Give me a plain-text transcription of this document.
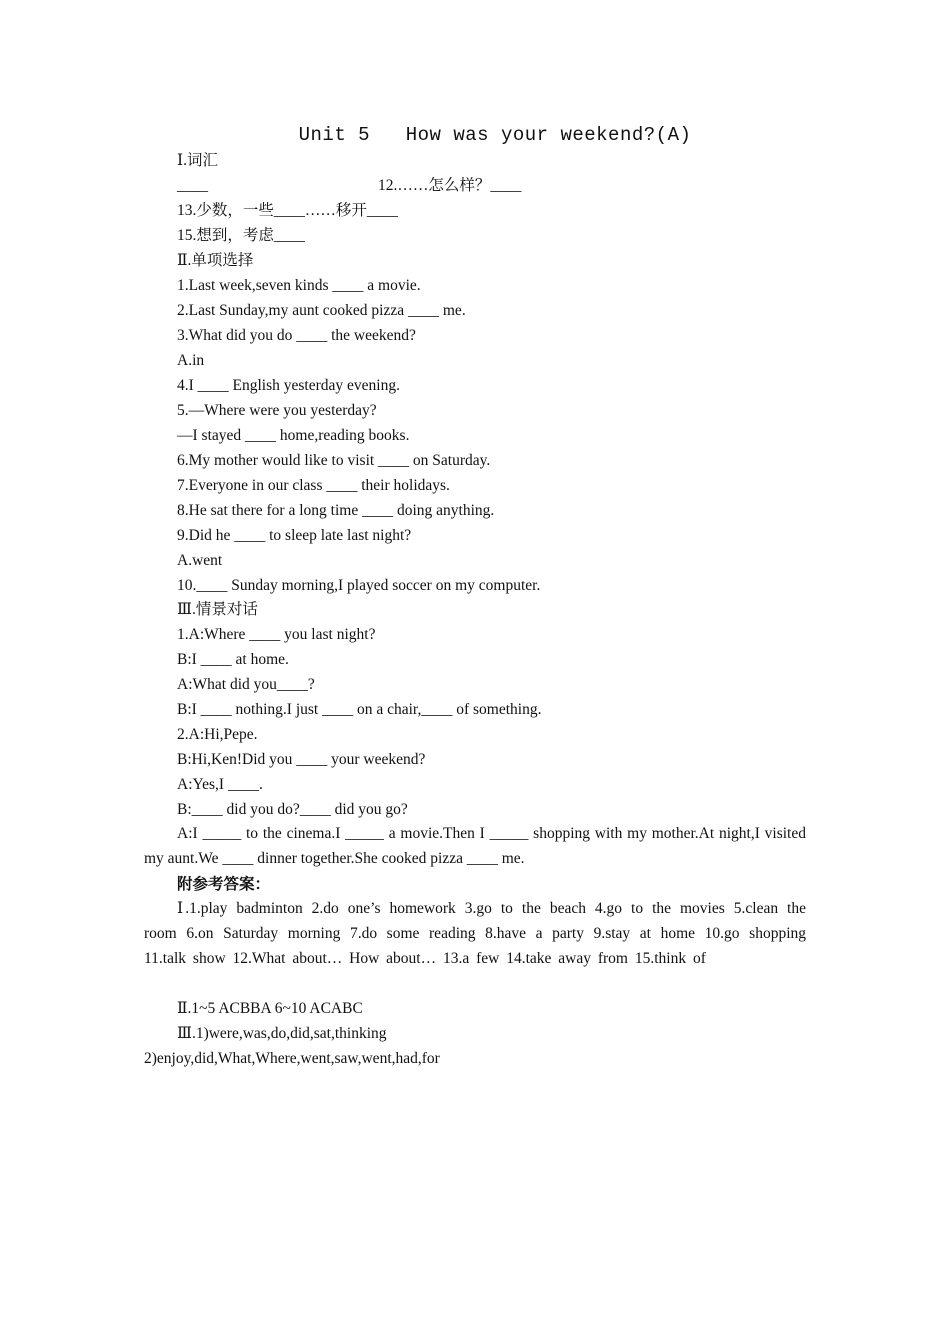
Unit 5   How was your weekend?(A)
Ⅰ.词汇
____	12.……怎么样？____
13.少数，一些____……移开____
15.想到，考虑____
Ⅱ.单项选择
1.Last week,seven kinds ____ a movie.
2.Last Sunday,my aunt cooked pizza ____ me.
3.What did you do ____ the weekend?
A.in
4.I ____ English yesterday evening.
5.—Where were you yesterday?
—I stayed ____ home,reading books.
6.My mother would like to visit ____ on Saturday.
7.Everyone in our class ____ their holidays.
8.He sat there for a long time ____ doing anything.
9.Did he ____ to sleep late last night?
A.went
10.____ Sunday morning,I played soccer on my computer.
Ⅲ.情景对话
1.A:Where ____ you last night?
B:I ____ at home.
A:What did you____?
B:I ____ nothing.I just ____ on a chair,____ of something.
2.A:Hi,Pepe.
B:Hi,Ken!Did you ____ your weekend?
A:Yes,I ____.
B:____ did you do?____ did you go?
A:I _____ to the cinema.I _____ a movie.Then I _____ shopping with my mother.At night,I visited my aunt.We ____ dinner together.She cooked pizza ____ me.
附参考答案：
Ⅰ.1.play badminton 2.do one’s homework 3.go to the beach 4.go to the movies 5.clean the room 6.on Saturday morning 7.do some reading 8.have a party 9.stay at home 10.go shopping 11.talk show 12.What about… How about… 13.a few 14.take away from 15.think of
Ⅱ.1~5 ACBBA 6~10 ACABC
Ⅲ.1)were,was,do,did,sat,thinking
2)enjoy,did,What,Where,went,saw,went,had,for
